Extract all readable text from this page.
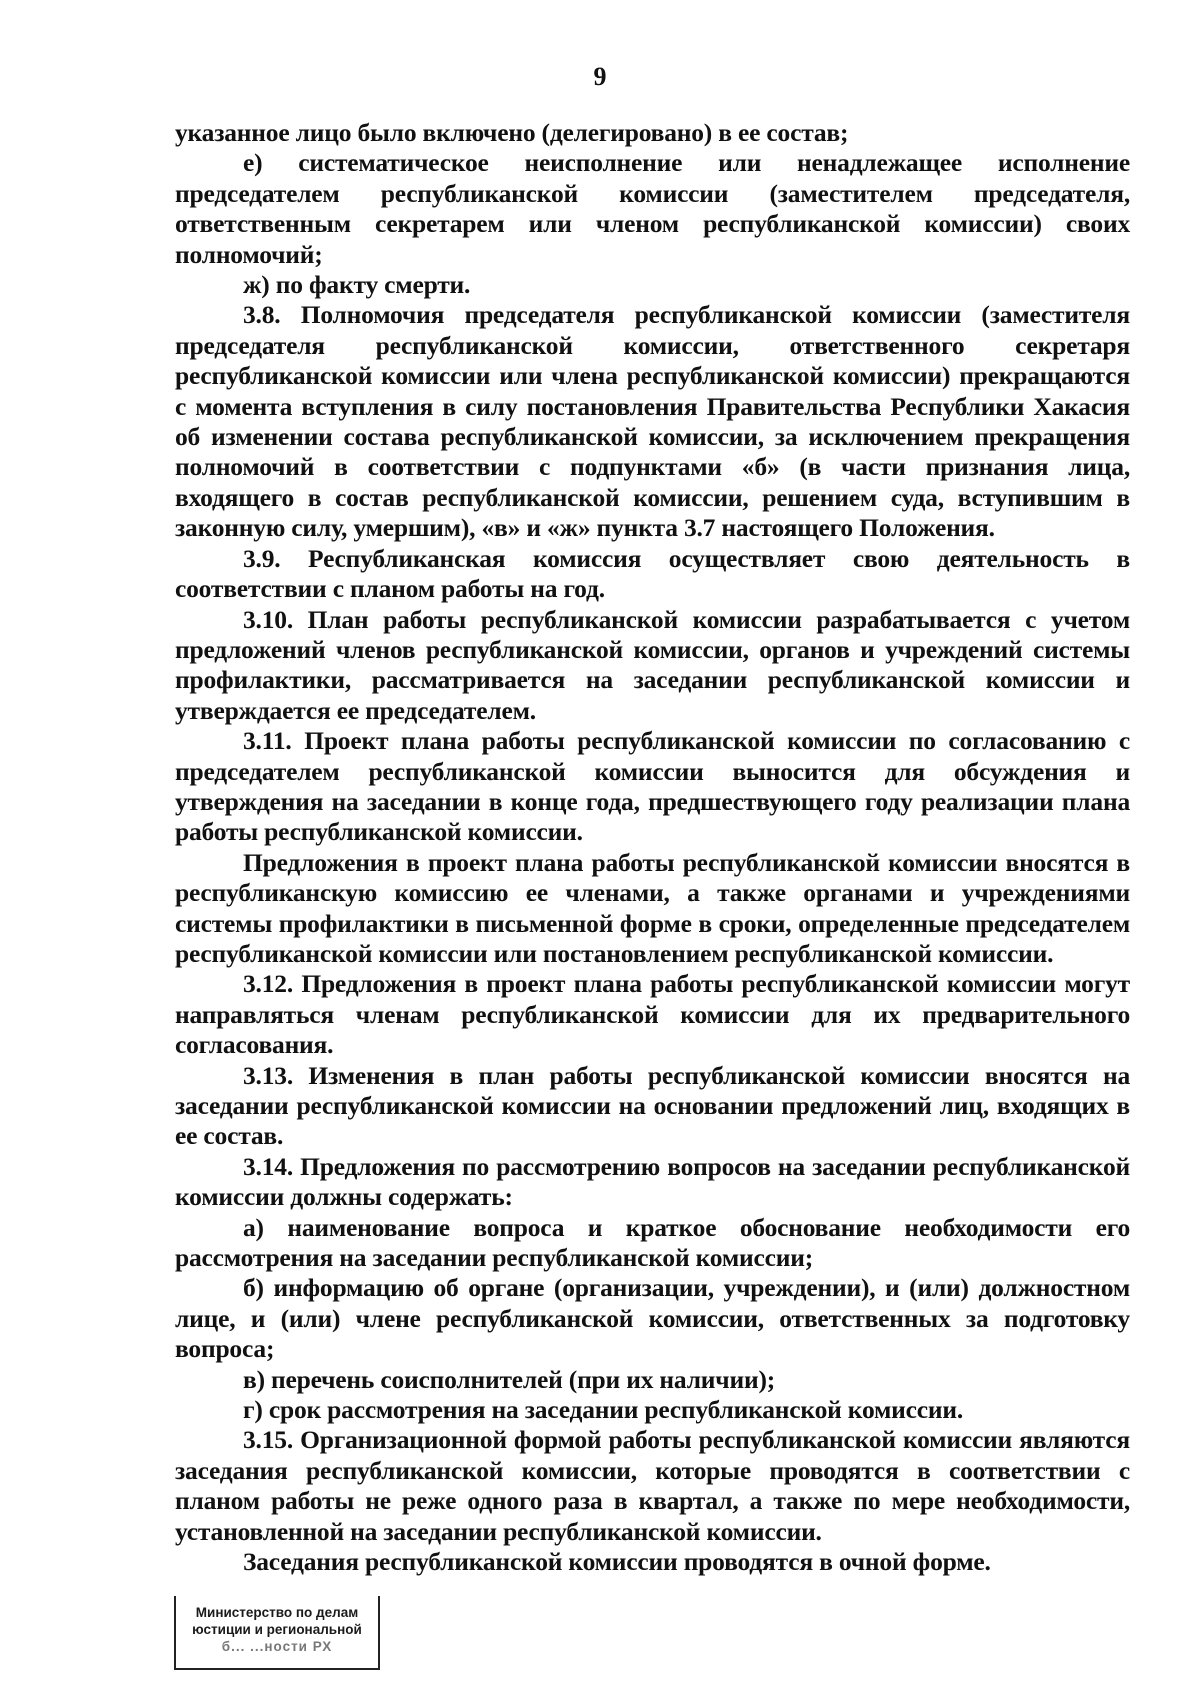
9

указанное лицо было включено (делегировано) в ее состав;

е) систематическое неисполнение или ненадлежащее исполнение председателем республиканской комиссии (заместителем председателя, ответственным секретарем или членом республиканской комиссии) своих полномочий;

ж) по факту смерти.

3.8. Полномочия председателя республиканской комиссии (заместителя председателя республиканской комиссии, ответственного секретаря республиканской комиссии или члена республиканской комиссии) прекращаются с момента вступления в силу постановления Правительства Республики Хакасия об изменении состава республиканской комиссии, за исключением прекращения полномочий в соответствии с подпунктами «б» (в части признания лица, входящего в состав республиканской комиссии, решением суда, вступившим в законную силу, умершим), «в» и «ж» пункта 3.7 настоящего Положения.

3.9. Республиканская комиссия осуществляет свою деятельность в соответствии с планом работы на год.

3.10. План работы республиканской комиссии разрабатывается с учетом предложений членов республиканской комиссии, органов и учреждений системы профилактики, рассматривается на заседании республиканской комиссии и утверждается ее председателем.

3.11. Проект плана работы республиканской комиссии по согласованию с председателем республиканской комиссии выносится для обсуждения и утверждения на заседании в конце года, предшествующего году реализации плана работы республиканской комиссии.

Предложения в проект плана работы республиканской комиссии вносятся в республиканскую комиссию ее членами, а также органами и учреждениями системы профилактики в письменной форме в сроки, определенные председателем республиканской комиссии или постановлением республиканской комиссии.

3.12. Предложения в проект плана работы республиканской комиссии могут направляться членам республиканской комиссии для их предварительного согласования.

3.13. Изменения в план работы республиканской комиссии вносятся на заседании республиканской комиссии на основании предложений лиц, входящих в ее состав.

3.14. Предложения по рассмотрению вопросов на заседании республиканской комиссии должны содержать:

а) наименование вопроса и краткое обоснование необходимости его рассмотрения на заседании республиканской комиссии;

б) информацию об органе (организации, учреждении), и (или) должностном лице, и (или) члене республиканской комиссии, ответственных за подготовку вопроса;

в) перечень соисполнителей (при их наличии);

г) срок рассмотрения на заседании республиканской комиссии.

3.15. Организационной формой работы республиканской комиссии являются заседания республиканской комиссии, которые проводятся в соответствии с планом работы не реже одного раза в квартал, а также по мере необходимости, установленной на заседании республиканской комиссии.

Заседания республиканской комиссии проводятся в очной форме.

Министерство по делам
юстиции и региональной
б... ...ности РХ
